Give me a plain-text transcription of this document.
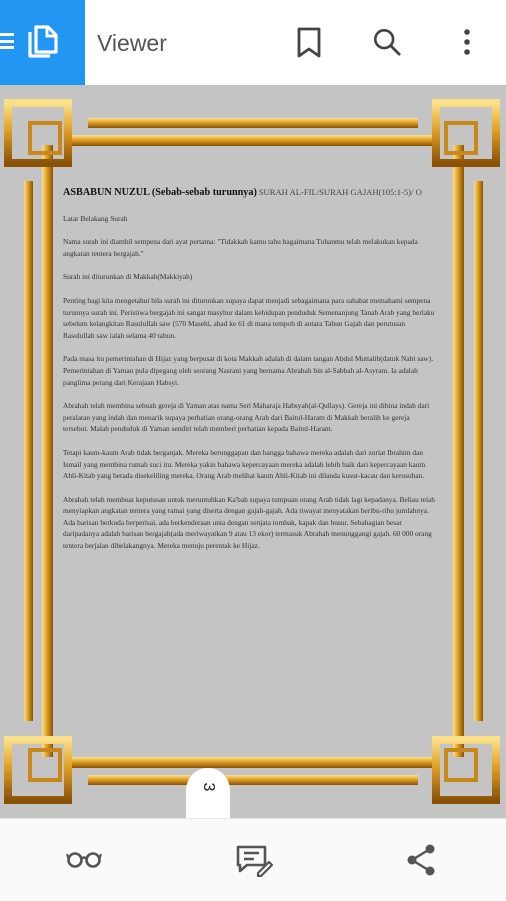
Viewer

ASBABUN NUZUL (Sebab-sebab turunnya) SURAH AL-FIL/SURAH GAJAH(105:1-5)/ O

Latar Belakang Surah

Nama surah ini diambil sempena dari ayat pertama: "Tidakkah kamu tahu bagaimana Tuhanmu telah melakukan kepada angkatan tentera bergajah."

Surah ini diturunkan di Makkah(Makkiyah)

Penting bagi kita mengetahui bila surah ini diturunkan supaya dapat menjadi sebagaimana para sahabat memahami sempena turunnya surah ini. Peristiwa bergajah ini sangat masyhur dalam kehidupan penduduk Semenanjung Tanah Arab yang berlaku sebelum kelangkitan Rasulullah saw (570 Masehi, abad ke 61 di mana tempoh di antara Tahun Gajah dan perutusan Rasulullah saw ialah selama 40 tahun.

Pada masa itu pemerintahan di Hijaz yang berpusat di kota Makkah adalah di dalam tangan Abdul Muttalib(datuk Nabi saw). Pemerintahan di Yaman pula dipegang oleh seorang Nasrani yang bernama Abrahah bin al-Sabbah al-Asyram. Ia adalah panglima perang dari Kerajaan Habsyi.

Abrahah telah membina sebuah gereja di Yaman atas nama Seri Maharaja Habsyah(al-Qullays). Gereja ini dibina indah dari peralatan yang indah dan menarik supaya perhatian orang-orang Arab dari Baitul-Haram di Makkah beralih ke gereja tersebut. Malah penduduk di Yaman sendiri telah memberi perhatian kepada Baitul-Haram.

Tetapi kaum-kaum Arab tidak berganjak. Mereka berunggapan dan bangga bahawa mereka adalah dari zuriat Ibrahim dan Ismail yang membina rumah suci itu. Mereka yakin bahawa kepercayaan mereka adalah lebih baik dari kepercayaan kaum Ahli-Kitab yang berada disekeliling mereka. Orang Arab melihat kaum Ahli-Kitab ini dilanda kusut-kacau dan kerusuhan.

Abrahah telah membuat keputusan untuk meruntuhkan Ka'bah supaya tumpuan orang Arab tidak lagi kepadanya. Beliau telah menyiapkan angkatan tentera yang ramai yang diserta dengan gajah-gajah. Ada riwayat menyatakan beribu-ribu jumlahnya. Ada barisan berkuda berperisai, ada berkenderaan unta dengan senjata tombak, kapak dan busur. Sebahagian besar daripadanya adalah barisan bergajah(ada meriwayatkan 9 atau 13 ekor) termasuk Abrahah menunggangi gajah. 60 000 orang tentera berjalan dibelakangnya. Mereka menuju perentak ke Hijaz.

3
